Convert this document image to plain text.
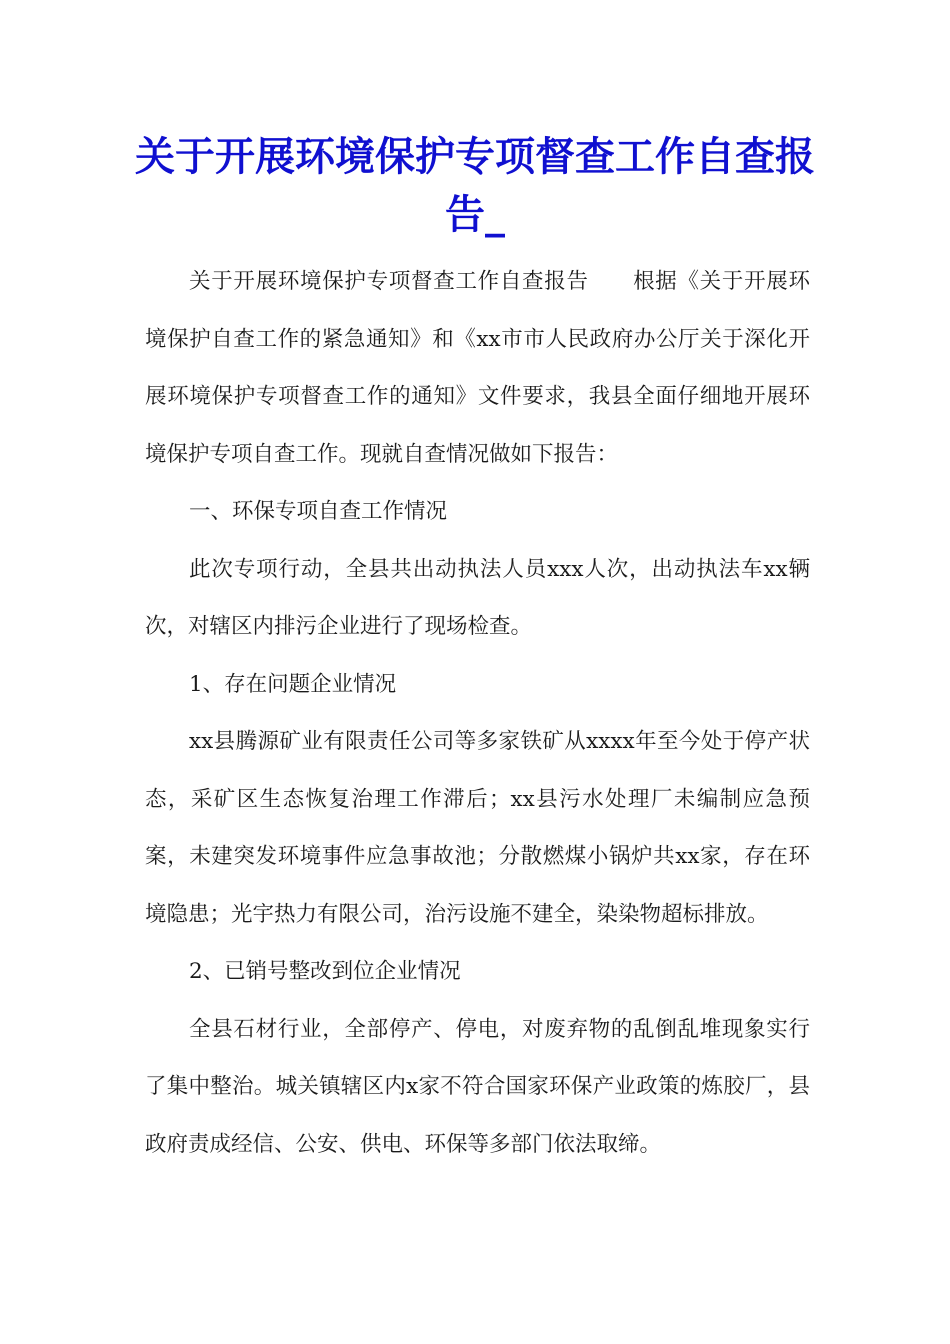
关于开展环境保护专项督查工作自查报告_

关于开展环境保护专项督查工作自查报告　　根据《关于开展环境保护自查工作的紧急通知》和《xx市市人民政府办公厅关于深化开展环境保护专项督查工作的通知》文件要求，我县全面仔细地开展环境保护专项自查工作。现就自查情况做如下报告：

一、环保专项自查工作情况

此次专项行动，全县共出动执法人员xxx人次，出动执法车xx辆次，对辖区内排污企业进行了现场检查。

1、存在问题企业情况

xx县腾源矿业有限责任公司等多家铁矿从xxxx年至今处于停产状态，采矿区生态恢复治理工作滞后；xx县污水处理厂未编制应急预案，未建突发环境事件应急事故池；分散燃煤小锅炉共xx家，存在环境隐患；光宇热力有限公司，治污设施不建全，染染物超标排放。

2、已销号整改到位企业情况

全县石材行业，全部停产、停电，对废弃物的乱倒乱堆现象实行了集中整治。城关镇辖区内x家不符合国家环保产业政策的炼胶厂，县政府责成经信、公安、供电、环保等多部门依法取缔。
